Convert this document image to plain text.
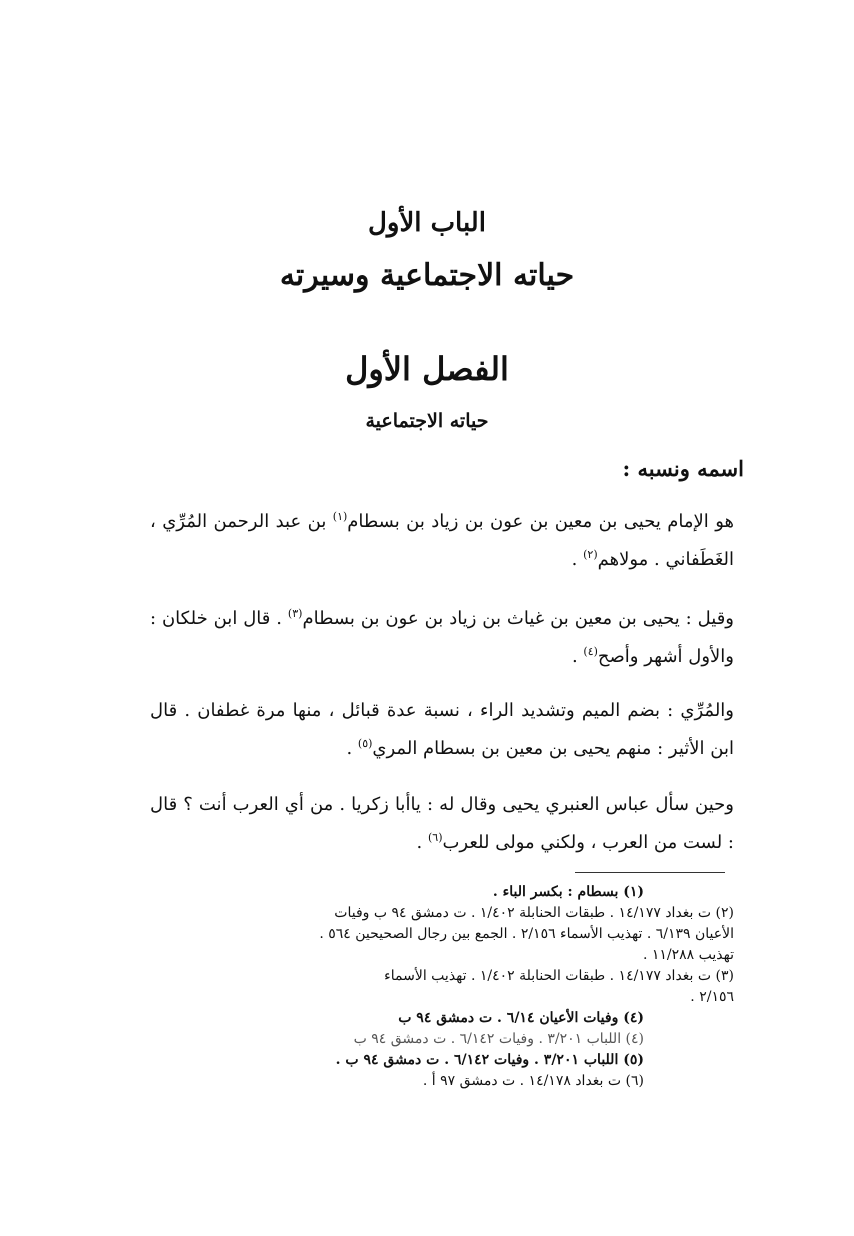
الباب الأول
حياته الاجتماعية وسيرته
الفصل الأول
حياته الاجتماعية
اسمه ونسبه :
هو الإمام يحيى بن معين بن عون بن زياد بن بسطام$^{(١)}$ بن عبد الرحمن المُرِّي ، الغَطَفاني . مولاهم$^{(٢)}$ .
وقيل : يحيى بن معين بن غياث بن زياد بن عون بن بسطام$^{(٣)}$ . قال ابن خلكان : والأول أشهر وأصح$^{(٤)}$ .
والمُرِّي : بضم الميم وتشديد الراء ، نسبة عدة قبائل ، منها مرة غطفان . قال ابن الأثير : منهم يحيى بن معين بن بسطام المري$^{(٥)}$ .
وحين سأل عباس العنبري يحيى وقال له : ياأبا زكريا . من أي العرب أنت ؟ قال : لست من العرب ، ولكني مولى للعرب$^{(٦)}$ .
(١) بسطام : بكسر الباء .
(٢) ت بغداد ١٤/١٧٧ . طبقات الحنابلة ١/٤٠٢ . ت دمشق ٩٤ ب وفيات
الأعيان ٦/١٣٩ . تهذيب الأسماء ٢/١٥٦ . الجمع بين رجال الصحيحين ٥٦٤ .
تهذيب ١١/٢٨٨ .
(٣) ت بغداد ١٤/١٧٧ . طبقات الحنابلة ١/٤٠٢ . تهذيب الأسماء
٢/١٥٦ .
(٤) وفيات الأعيان ٦/١٤ . ت دمشق ٩٤ ب
(٤) اللباب ٣/٢٠١ . وفيات ٦/١٤٢ . ت دمشق ٩٤ ب
(٥) اللباب ٣/٢٠١ . وفيات ٦/١٤٢ . ت دمشق ٩٤ ب .
(٦) ت بغداد ١٤/١٧٨ . ت دمشق ٩٧ أ .
